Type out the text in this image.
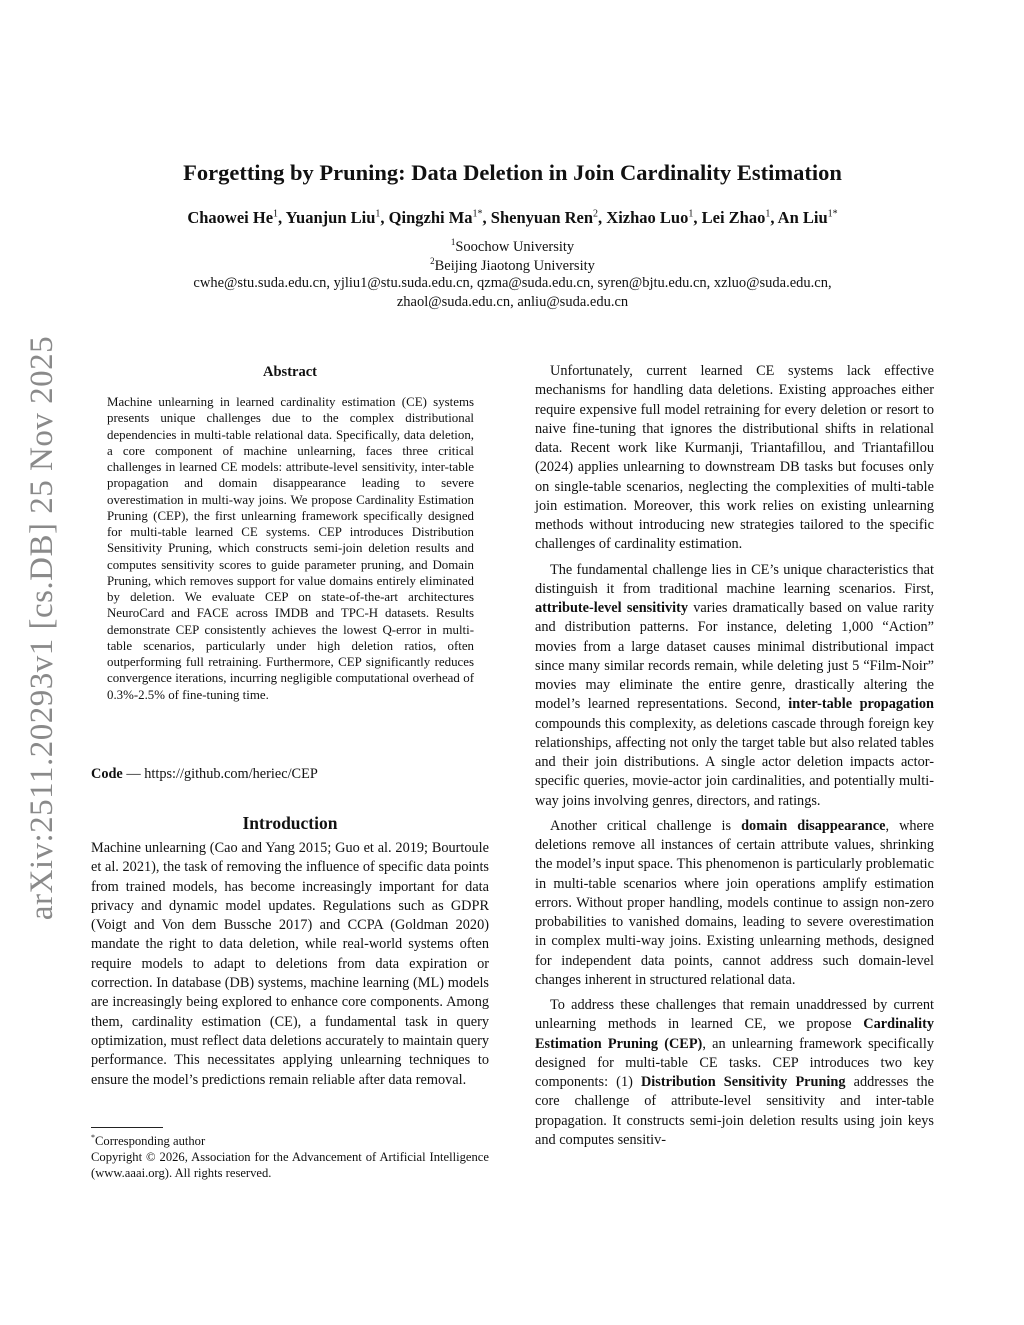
arXiv:2511.20293v1 [cs.DB] 25 Nov 2025
Forgetting by Pruning: Data Deletion in Join Cardinality Estimation
Chaowei He$^1$, Yuanjun Liu$^1$, Qingzhi $Ma^{1*}$, Shenyuan Ren$^2$, Xizhao Luo$^1$, Lei Zhao$^1$, An Liu$^{1*}$
$^1$Soochow University
$^2$Beijing Jiaotong University
cwhe@stu.suda.edu.cn, yjliu1@stu.suda.edu.cn, qzma@suda.edu.cn, syren@bjtu.edu.cn, xzluo@suda.edu.cn,
zhaol@suda.edu.cn, anliu@suda.edu.cn
Abstract

Machine unlearning in learned cardinality estimation (CE) systems presents unique challenges due to the complex distributional dependencies in multi-table relational data. Specifically, data deletion, a core component of machine unlearning, faces three critical challenges in learned CE models: attribute-level sensitivity, inter-table propagation and domain disappearance leading to severe overestimation in multi-way joins. We propose Cardinality Estimation Pruning (CEP), the first unlearning framework specifically designed for multi-table learned CE systems. CEP introduces Distribution Sensitivity Pruning, which constructs semi-join deletion results and computes sensitivity scores to guide parameter pruning, and Domain Pruning, which removes support for value domains entirely eliminated by deletion. We evaluate CEP on state-of-the-art architectures NeuroCard and FACE across IMDB and TPC-H datasets. Results demonstrate CEP consistently achieves the lowest Q-error in multi-table scenarios, particularly under high deletion ratios, often outperforming full retraining. Furthermore, CEP significantly reduces convergence iterations, incurring negligible computational overhead of 0.3%-2.5% of fine-tuning time.

Code — https://github.com/heriec/CEP
Introduction

Machine unlearning (Cao and Yang 2015; Guo et al. 2019; Bourtoule et al. 2021), the task of removing the influence of specific data points from trained models, has become increasingly important for data privacy and dynamic model updates. Regulations such as GDPR (Voigt and Von dem Bussche 2017) and CCPA (Goldman 2020) mandate the right to data deletion, while real-world systems often require models to adapt to deletions from data expiration or correction. In database (DB) systems, machine learning (ML) models are increasingly being explored to enhance core components. Among them, cardinality estimation (CE), a fundamental task in query optimization, must reflect data deletions accurately to maintain query performance. This necessitates applying unlearning techniques to ensure the model’s predictions remain reliable after data removal.

*Corresponding author
Copyright © 2026, Association for the Advancement of Artificial Intelligence (www.aaai.org). All rights reserved.

Unfortunately, current learned CE systems lack effective mechanisms for handling data deletions. Existing approaches either require expensive full model retraining for every deletion or resort to naive fine-tuning that ignores the distributional shifts in relational data. Recent work like Kurmanji, Triantafillou, and Triantafillou (2024) applies unlearning to downstream DB tasks but focuses only on single-table scenarios, neglecting the complexities of multi-table join estimation. Moreover, this work relies on existing unlearning methods without introducing new strategies tailored to the specific challenges of cardinality estimation.

The fundamental challenge lies in CE’s unique characteristics that distinguish it from traditional machine learning scenarios. First, attribute-level sensitivity varies dramatically based on value rarity and distribution patterns. For instance, deleting 1,000 “Action” movies from a large dataset causes minimal distributional impact since many similar records remain, while deleting just 5 “Film-Noir” movies may eliminate the entire genre, drastically altering the model’s learned representations. Second, inter-table propagation compounds this complexity, as deletions cascade through foreign key relationships, affecting not only the target table but also related tables and their join distributions. A single actor deletion impacts actor-specific queries, movie-actor join cardinalities, and potentially multi-way joins involving genres, directors, and ratings.

Another critical challenge is domain disappearance, where deletions remove all instances of certain attribute values, shrinking the model’s input space. This phenomenon is particularly problematic in multi-table scenarios where join operations amplify estimation errors. Without proper handling, models continue to assign non-zero probabilities to vanished domains, leading to severe overestimation in complex multi-way joins. Existing unlearning methods, designed for independent data points, cannot address such domain-level changes inherent in structured relational data.

To address these challenges that remain unaddressed by current unlearning methods in learned CE, we propose Cardinality Estimation Pruning (CEP), an unlearning framework specifically designed for multi-table CE tasks. CEP introduces two key components: (1) Distribution Sensitivity Pruning addresses the core challenge of attribute-level sensitivity and inter-table propagation. It constructs semi-join deletion results using join keys and computes sensitiv-
